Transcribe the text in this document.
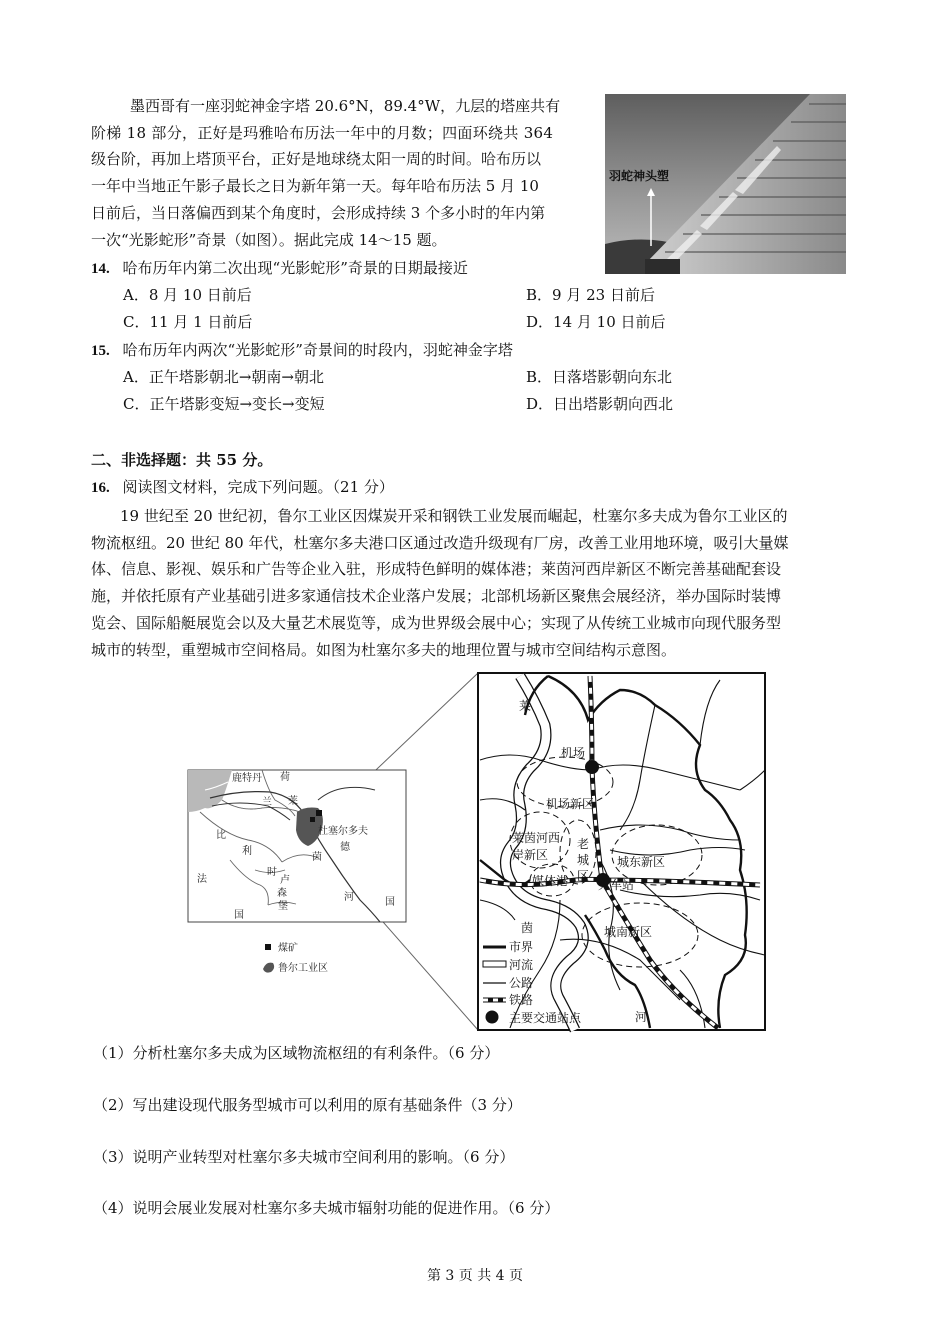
墨西哥有一座羽蛇神金字塔 20.6°N，89.4°W，九层的塔座共有
阶梯 18 部分，正好是玛雅哈布历法一年中的月数；四面环绕共 364
级台阶，再加上塔顶平台，正好是地球绕太阳一周的时间。哈布历以
一年中当地正午影子最长之日为新年第一天。每年哈布历法 5 月 10
日前后，当日落偏西到某个角度时，会形成持续 3 个多小时的年内第
一次“光影蛇形”奇景（如图）。据此完成 14～15 题。
羽蛇神头塑
14. 哈布历年内第二次出现“光影蛇形”奇景的日期最接近
A．8 月 10 日前后	B．9 月 23 日前后
C．11 月 1 日前后	D．14 月 10 日前后
15. 哈布历年内两次“光影蛇形”奇景间的时段内，羽蛇神金字塔
A．正午塔影朝北→朝南→朝北	B．日落塔影朝向东北
C．正午塔影变短→变长→变短	D．日出塔影朝向西北
二、非选择题：共 55 分。
16. 阅读图文材料，完成下列问题。（21 分）
19 世纪至 20 世纪初，鲁尔工业区因煤炭开采和钢铁工业发展而崛起，杜塞尔多夫成为鲁尔工业区的
物流枢纽。20 世纪 80 年代，杜塞尔多夫港口区通过改造升级现有厂房，改善工业用地环境，吸引大量媒
体、信息、影视、娱乐和广告等企业入驻，形成特色鲜明的媒体港；莱茵河西岸新区不断完善基础配套设
施，并依托原有产业基础引进多家通信技术企业落户发展；北部机场新区聚焦会展经济，举办国际时装博
览会、国际船艇展览会以及大量艺术展览等，成为世界级会展中心；实现了从传统工业城市向现代服务型
城市的转型，重塑城市空间格局。如图为杜塞尔多夫的地理位置与城市空间结构示意图。
鹿特丹 荷
兰 莱
杜塞尔多夫
德
比
利
时
卢
森
堡
法
国
茵
河	国
煤矿
鲁尔工业区
莱
机场
机场新区
莱茵河西
岸新区
老
城
区
城东新区
媒体港 火车站
茵	城南新区
河
市界
河流
公路
铁路
主要交通站点
（1）分析杜塞尔多夫成为区域物流枢纽的有利条件。（6 分）
（2）写出建设现代服务型城市可以利用的原有基础条件（3 分）
（3）说明产业转型对杜塞尔多夫城市空间利用的影响。（6 分）
（4）说明会展业发展对杜塞尔多夫城市辐射功能的促进作用。（6 分）
第 3 页 共 4 页
